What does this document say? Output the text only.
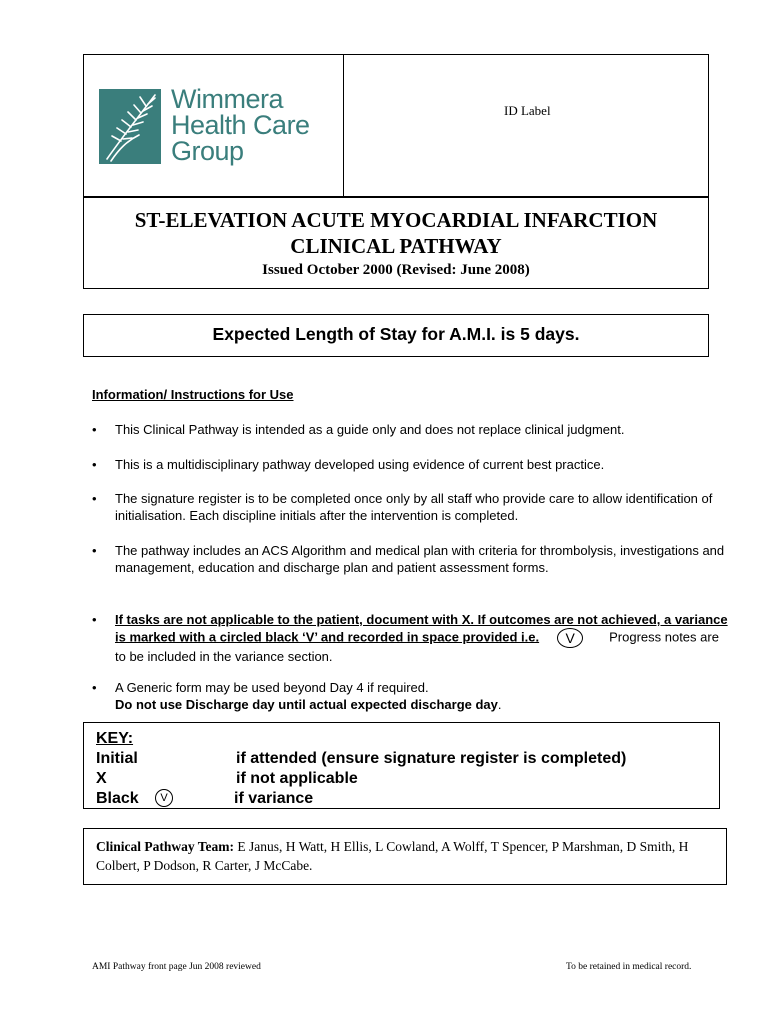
Wimmera
Health Care
Group
ID Label
ST-ELEVATION ACUTE MYOCARDIAL INFARCTION
CLINICAL PATHWAY
Issued October 2000 (Revised: June 2008)
Expected Length of Stay for A.M.I. is 5 days.
Information/ Instructions for Use
•	This Clinical Pathway is intended as a guide only and does not replace clinical judgment.
•	This is a multidisciplinary pathway developed using evidence of current best practice.
•	The signature register is to be completed once only by all staff who provide care to allow identification of initialisation. Each discipline initials after the intervention is completed.
•	The pathway includes an ACS Algorithm and medical plan with criteria for thrombolysis, investigations and management, education and discharge plan and patient assessment forms.
•	If tasks are not applicable to the patient, document with X. If outcomes are not achieved, a variance is marked with a circled black ‘V’ and recorded in space provided i.e. V	Progress notes are to be included in the variance section.
•	A Generic form may be used beyond Day 4 if required.
Do not use Discharge day until actual expected discharge day.
KEY:
Initial	if attended (ensure signature register is completed)
X	if not applicable
Black	V	if variance
Clinical Pathway Team: E Janus, H Watt, H Ellis, L Cowland, A Wolff, T Spencer, P Marshman, D Smith, H Colbert, P Dodson, R Carter, J McCabe.
AMI Pathway front page Jun 2008 reviewed	To be retained in medical record.
